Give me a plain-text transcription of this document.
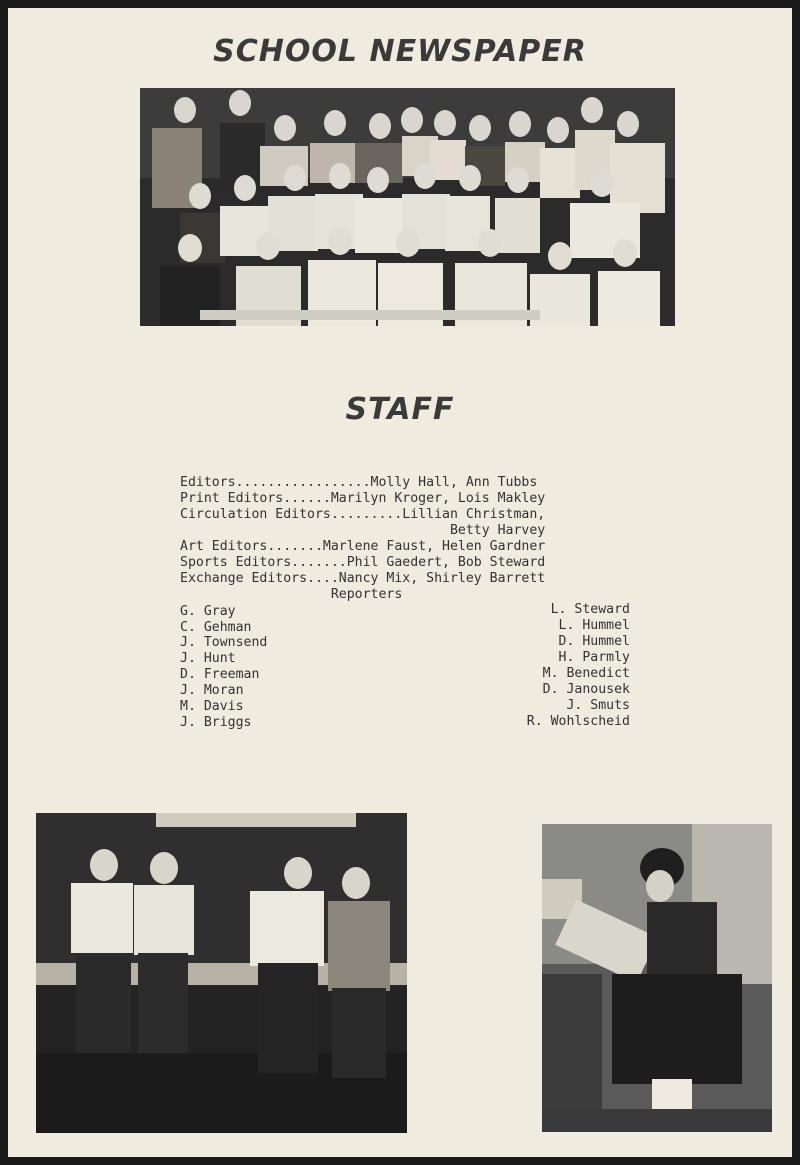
SCHOOL NEWSPAPER
STAFF
Editors.................Molly Hall, Ann Tubbs
Print Editors......Marilyn Kroger, Lois Makley
Circulation Editors.........Lillian Christman,
Betty Harvey
Art Editors.......Marlene Faust, Helen Gardner
Sports Editors.......Phil Gaedert, Bob Steward
Exchange Editors....Nancy Mix, Shirley Barrett
Reporters
G. Gray
C. Gehman
J. Townsend
J. Hunt
D. Freeman
J. Moran
M. Davis
J. Briggs
L. Steward
L. Hummel
D. Hummel
H. Parmly
M. Benedict
D. Janousek
J. Smuts
R. Wohlscheid
